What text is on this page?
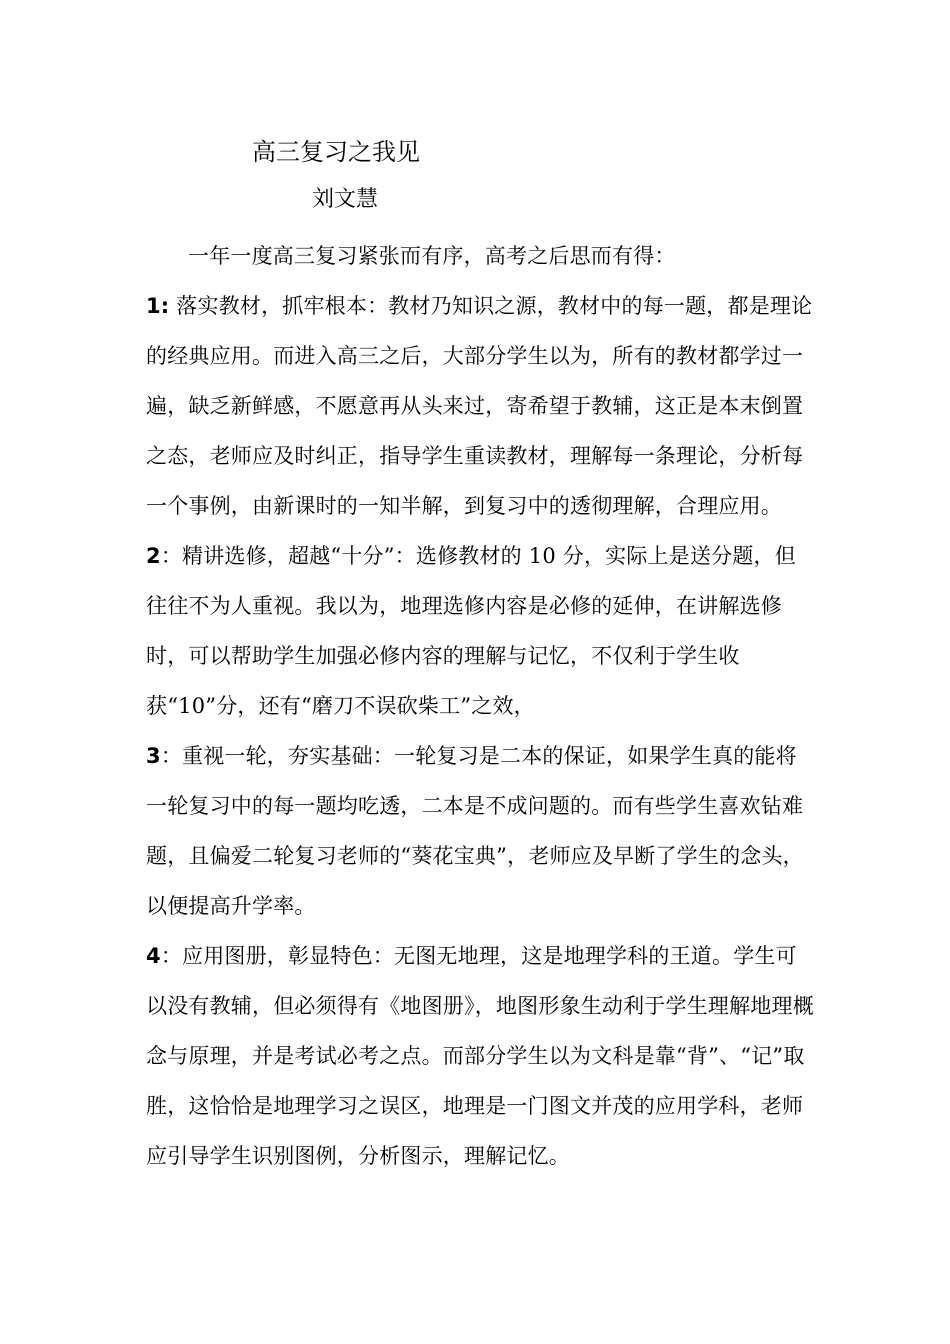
高三复习之我见
刘文慧

一年一度高三复习紧张而有序，高考之后思而有得：

1: 落实教材，抓牢根本：教材乃知识之源，教材中的每一题，都是理论的经典应用。而进入高三之后，大部分学生以为，所有的教材都学过一遍，缺乏新鲜感，不愿意再从头来过，寄希望于教辅，这正是本末倒置之态，老师应及时纠正，指导学生重读教材，理解每一条理论，分析每一个事例，由新课时的一知半解，到复习中的透彻理解，合理应用。

2：精讲选修，超越“十分”：选修教材的 10 分，实际上是送分题，但往往不为人重视。我以为，地理选修内容是必修的延伸，在讲解选修时，可以帮助学生加强必修内容的理解与记忆，不仅利于学生收获“10”分，还有“磨刀不误砍柴工”之效，

3：重视一轮，夯实基础：一轮复习是二本的保证，如果学生真的能将一轮复习中的每一题均吃透，二本是不成问题的。而有些学生喜欢钻难题，且偏爱二轮复习老师的“葵花宝典”，老师应及早断了学生的念头，以便提高升学率。

4：应用图册，彰显特色：无图无地理，这是地理学科的王道。学生可以没有教辅，但必须得有《地图册》，地图形象生动利于学生理解地理概念与原理，并是考试必考之点。而部分学生以为文科是靠“背”、“记”取胜，这恰恰是地理学习之误区，地理是一门图文并茂的应用学科，老师应引导学生识别图例，分析图示，理解记忆。
